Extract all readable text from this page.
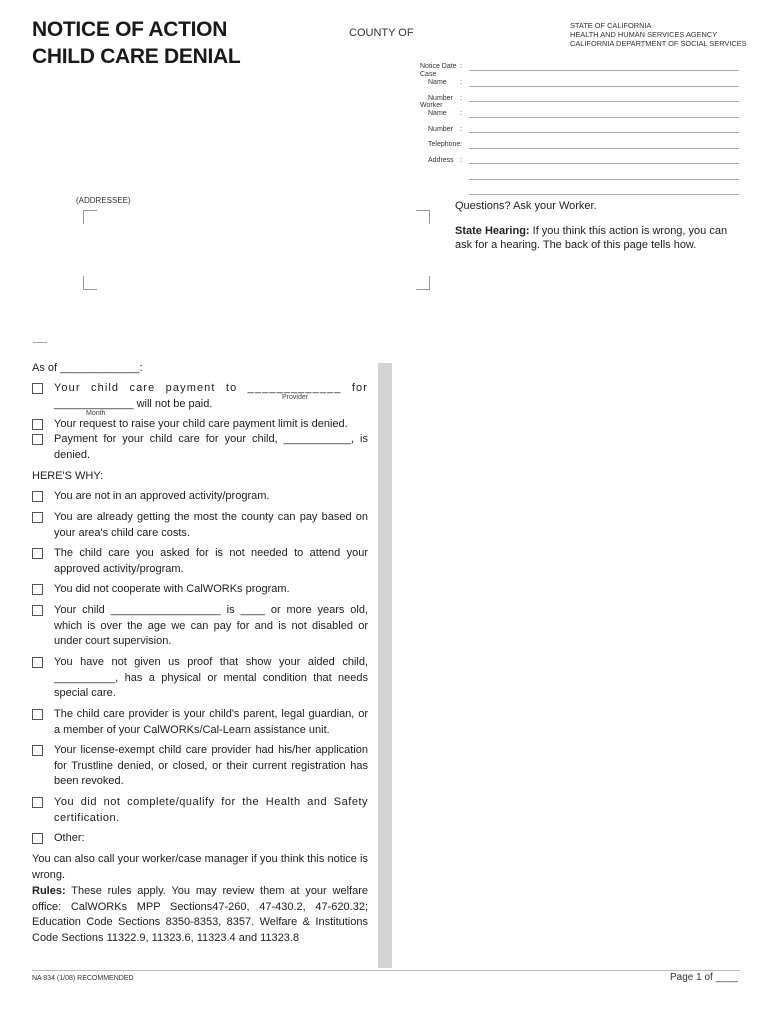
NOTICE OF ACTION
CHILD CARE DENIAL
COUNTY OF
STATE OF CALIFORNIA
HEALTH AND HUMAN SERVICES AGENCY
CALIFORNIA DEPARTMENT OF SOCIAL SERVICES
Notice Date :
Case
Name :
Number :
Worker
Name :
Number :
Telephone :
Address :
(ADDRESSEE)	Questions? Ask your Worker.
State Hearing: If you think this action is wrong, you can ask for a hearing. The back of this page tells how.
As of _____________:
Your child care payment to _____________ for
Provider
_____________ will not be paid.
Month
Your request to raise your child care payment limit is denied.
Payment for your child care for your child, ___________, is denied.
HERE'S WHY:
You are not in an approved activity/program.
You are already getting the most the county can pay based on your area's child care costs.
The child care you asked for is not needed to attend your approved activity/program.
You did not cooperate with CalWORKs program.
Your child __________________ is ____ or more years old, which is over the age we can pay for and is not disabled or under court supervision.
You have not given us proof that show your aided child, __________, has a physical or mental condition that needs special care.
The child care provider is your child's parent, legal guardian, or a member of your CalWORKs/Cal-Learn assistance unit.
Your license-exempt child care provider had his/her application for Trustline denied, or closed, or their current registration has been revoked.
You did not complete/qualify for the Health and Safety certification.
Other:
You can also call your worker/case manager if you think this notice is wrong.
Rules: These rules apply. You may review them at your welfare office: CalWORKs MPP Sections47-260, 47-430.2, 47-620.32; Education Code Sections 8350-8353, 8357. Welfare & Institutions Code Sections 11322.9, 11323.6, 11323.4 and 11323.8
NA 834 (1/08) RECOMMENDED	Page 1 of ____
